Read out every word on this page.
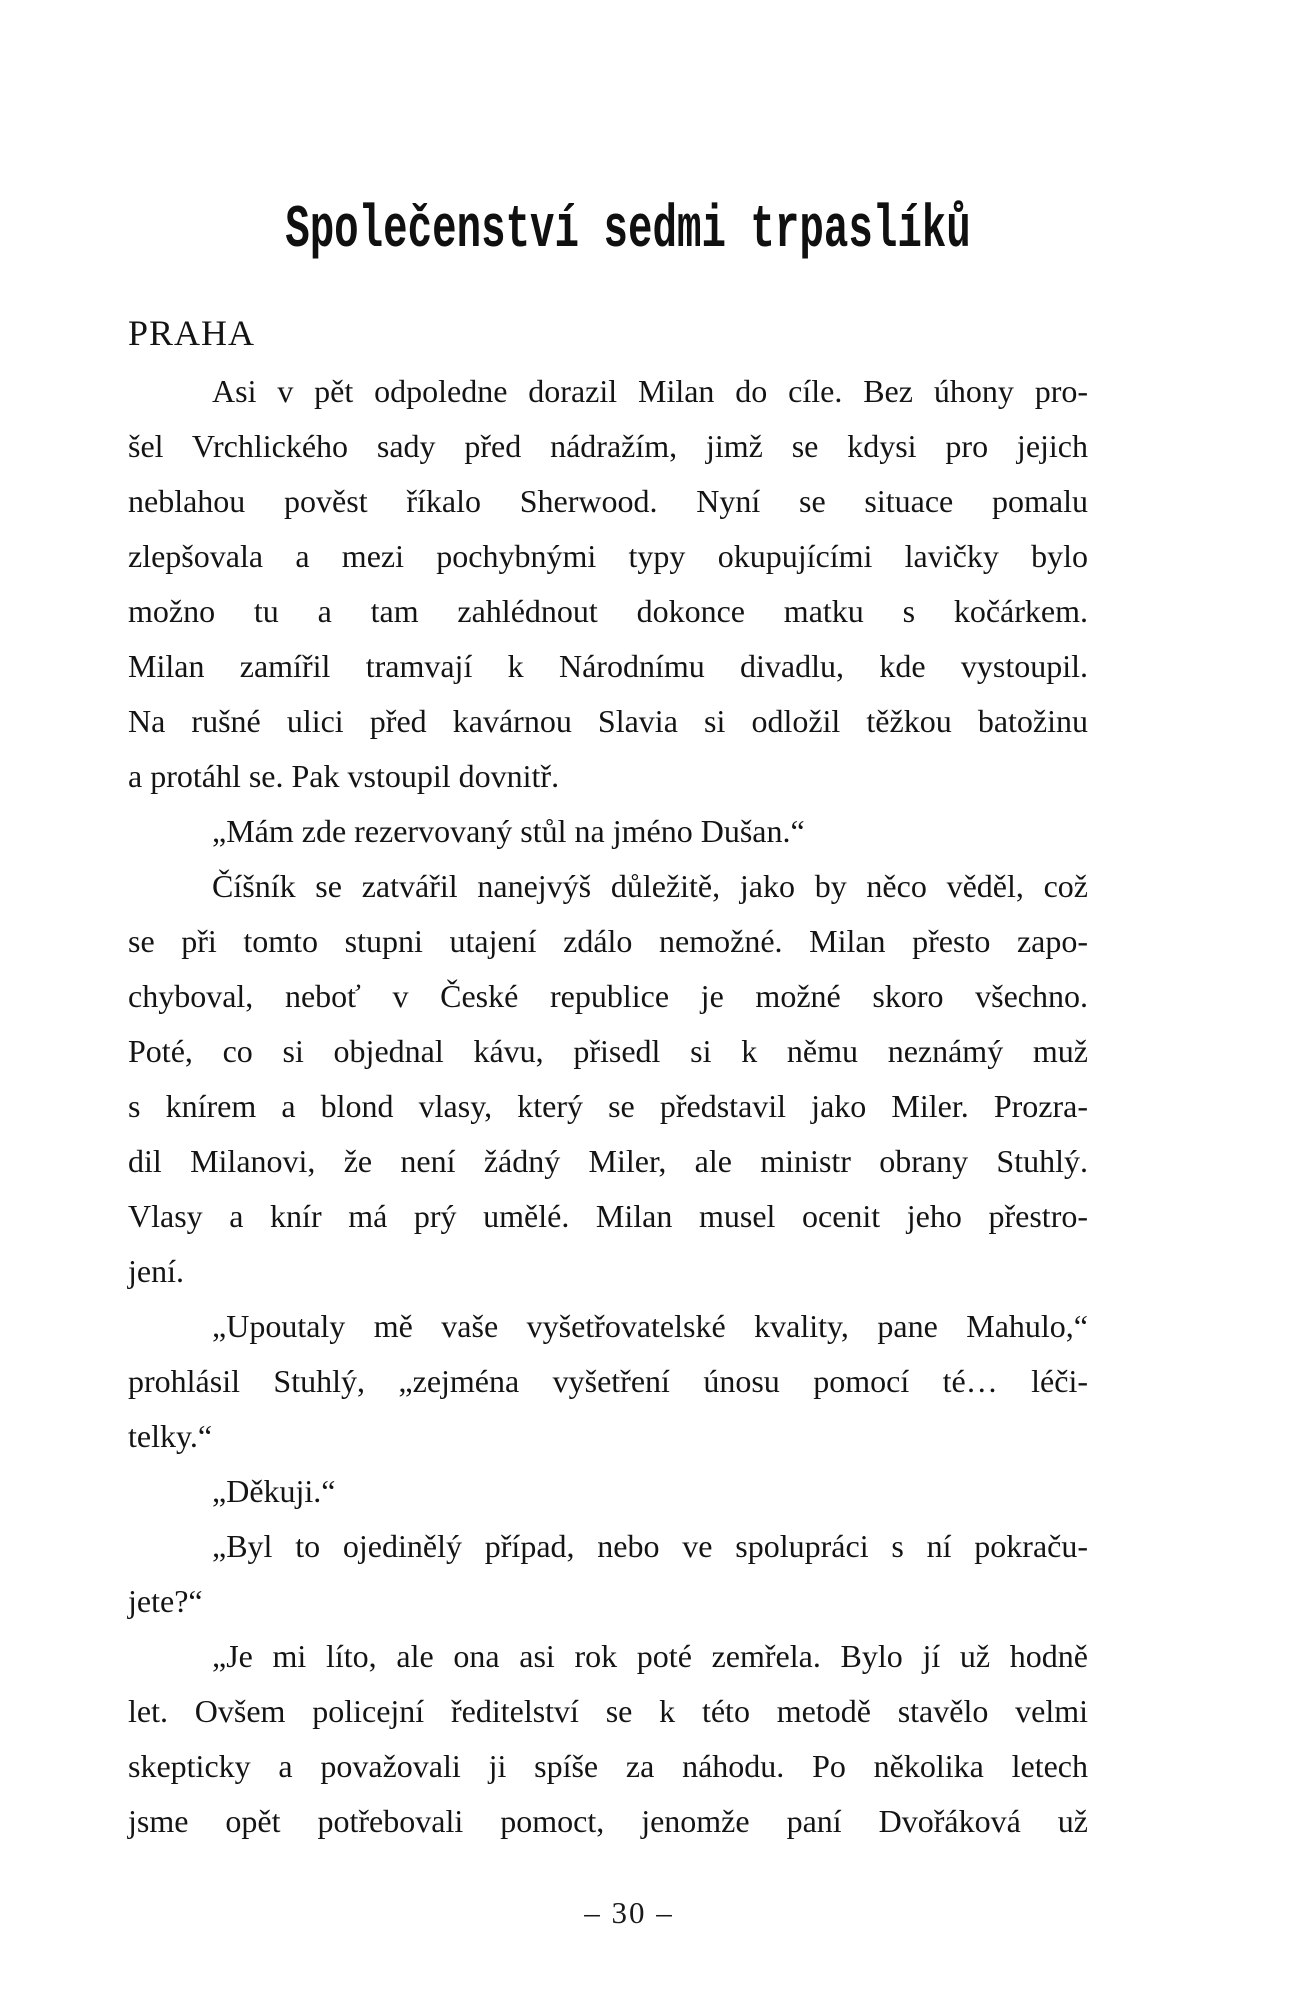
Společenství sedmi trpaslíků
PRAHA
Asi v pět odpoledne dorazil Milan do cíle. Bez úhony pro-
šel Vrchlického sady před nádražím, jimž se kdysi pro jejich
neblahou pověst říkalo Sherwood. Nyní se situace pomalu
zlepšovala a mezi pochybnými typy okupujícími lavičky bylo
možno tu a tam zahlédnout dokonce matku s kočárkem.
Milan zamířil tramvají k Národnímu divadlu, kde vystoupil.
Na rušné ulici před kavárnou Slavia si odložil těžkou batožinu
a protáhl se. Pak vstoupil dovnitř.
„Mám zde rezervovaný stůl na jméno Dušan.“
Číšník se zatvářil nanejvýš důležitě, jako by něco věděl, což
se při tomto stupni utajení zdálo nemožné. Milan přesto zapo-
chyboval, neboť v České republice je možné skoro všechno.
Poté, co si objednal kávu, přisedl si k němu neznámý muž
s knírem a blond vlasy, který se představil jako Miler. Prozra-
dil Milanovi, že není žádný Miler, ale ministr obrany Stuhlý.
Vlasy a knír má prý umělé. Milan musel ocenit jeho přestro-
jení.
„Upoutaly mě vaše vyšetřovatelské kvality, pane Mahulo,“
prohlásil Stuhlý, „zejména vyšetření únosu pomocí té… léči-
telky.“
„Děkuji.“
„Byl to ojedinělý případ, nebo ve spolupráci s ní pokraču-
jete?“
„Je mi líto, ale ona asi rok poté zemřela. Bylo jí už hodně
let. Ovšem policejní ředitelství se k této metodě stavělo velmi
skepticky a považovali ji spíše za náhodu. Po několika letech
jsme opět potřebovali pomoct, jenomže paní Dvořáková už
– 30 –
